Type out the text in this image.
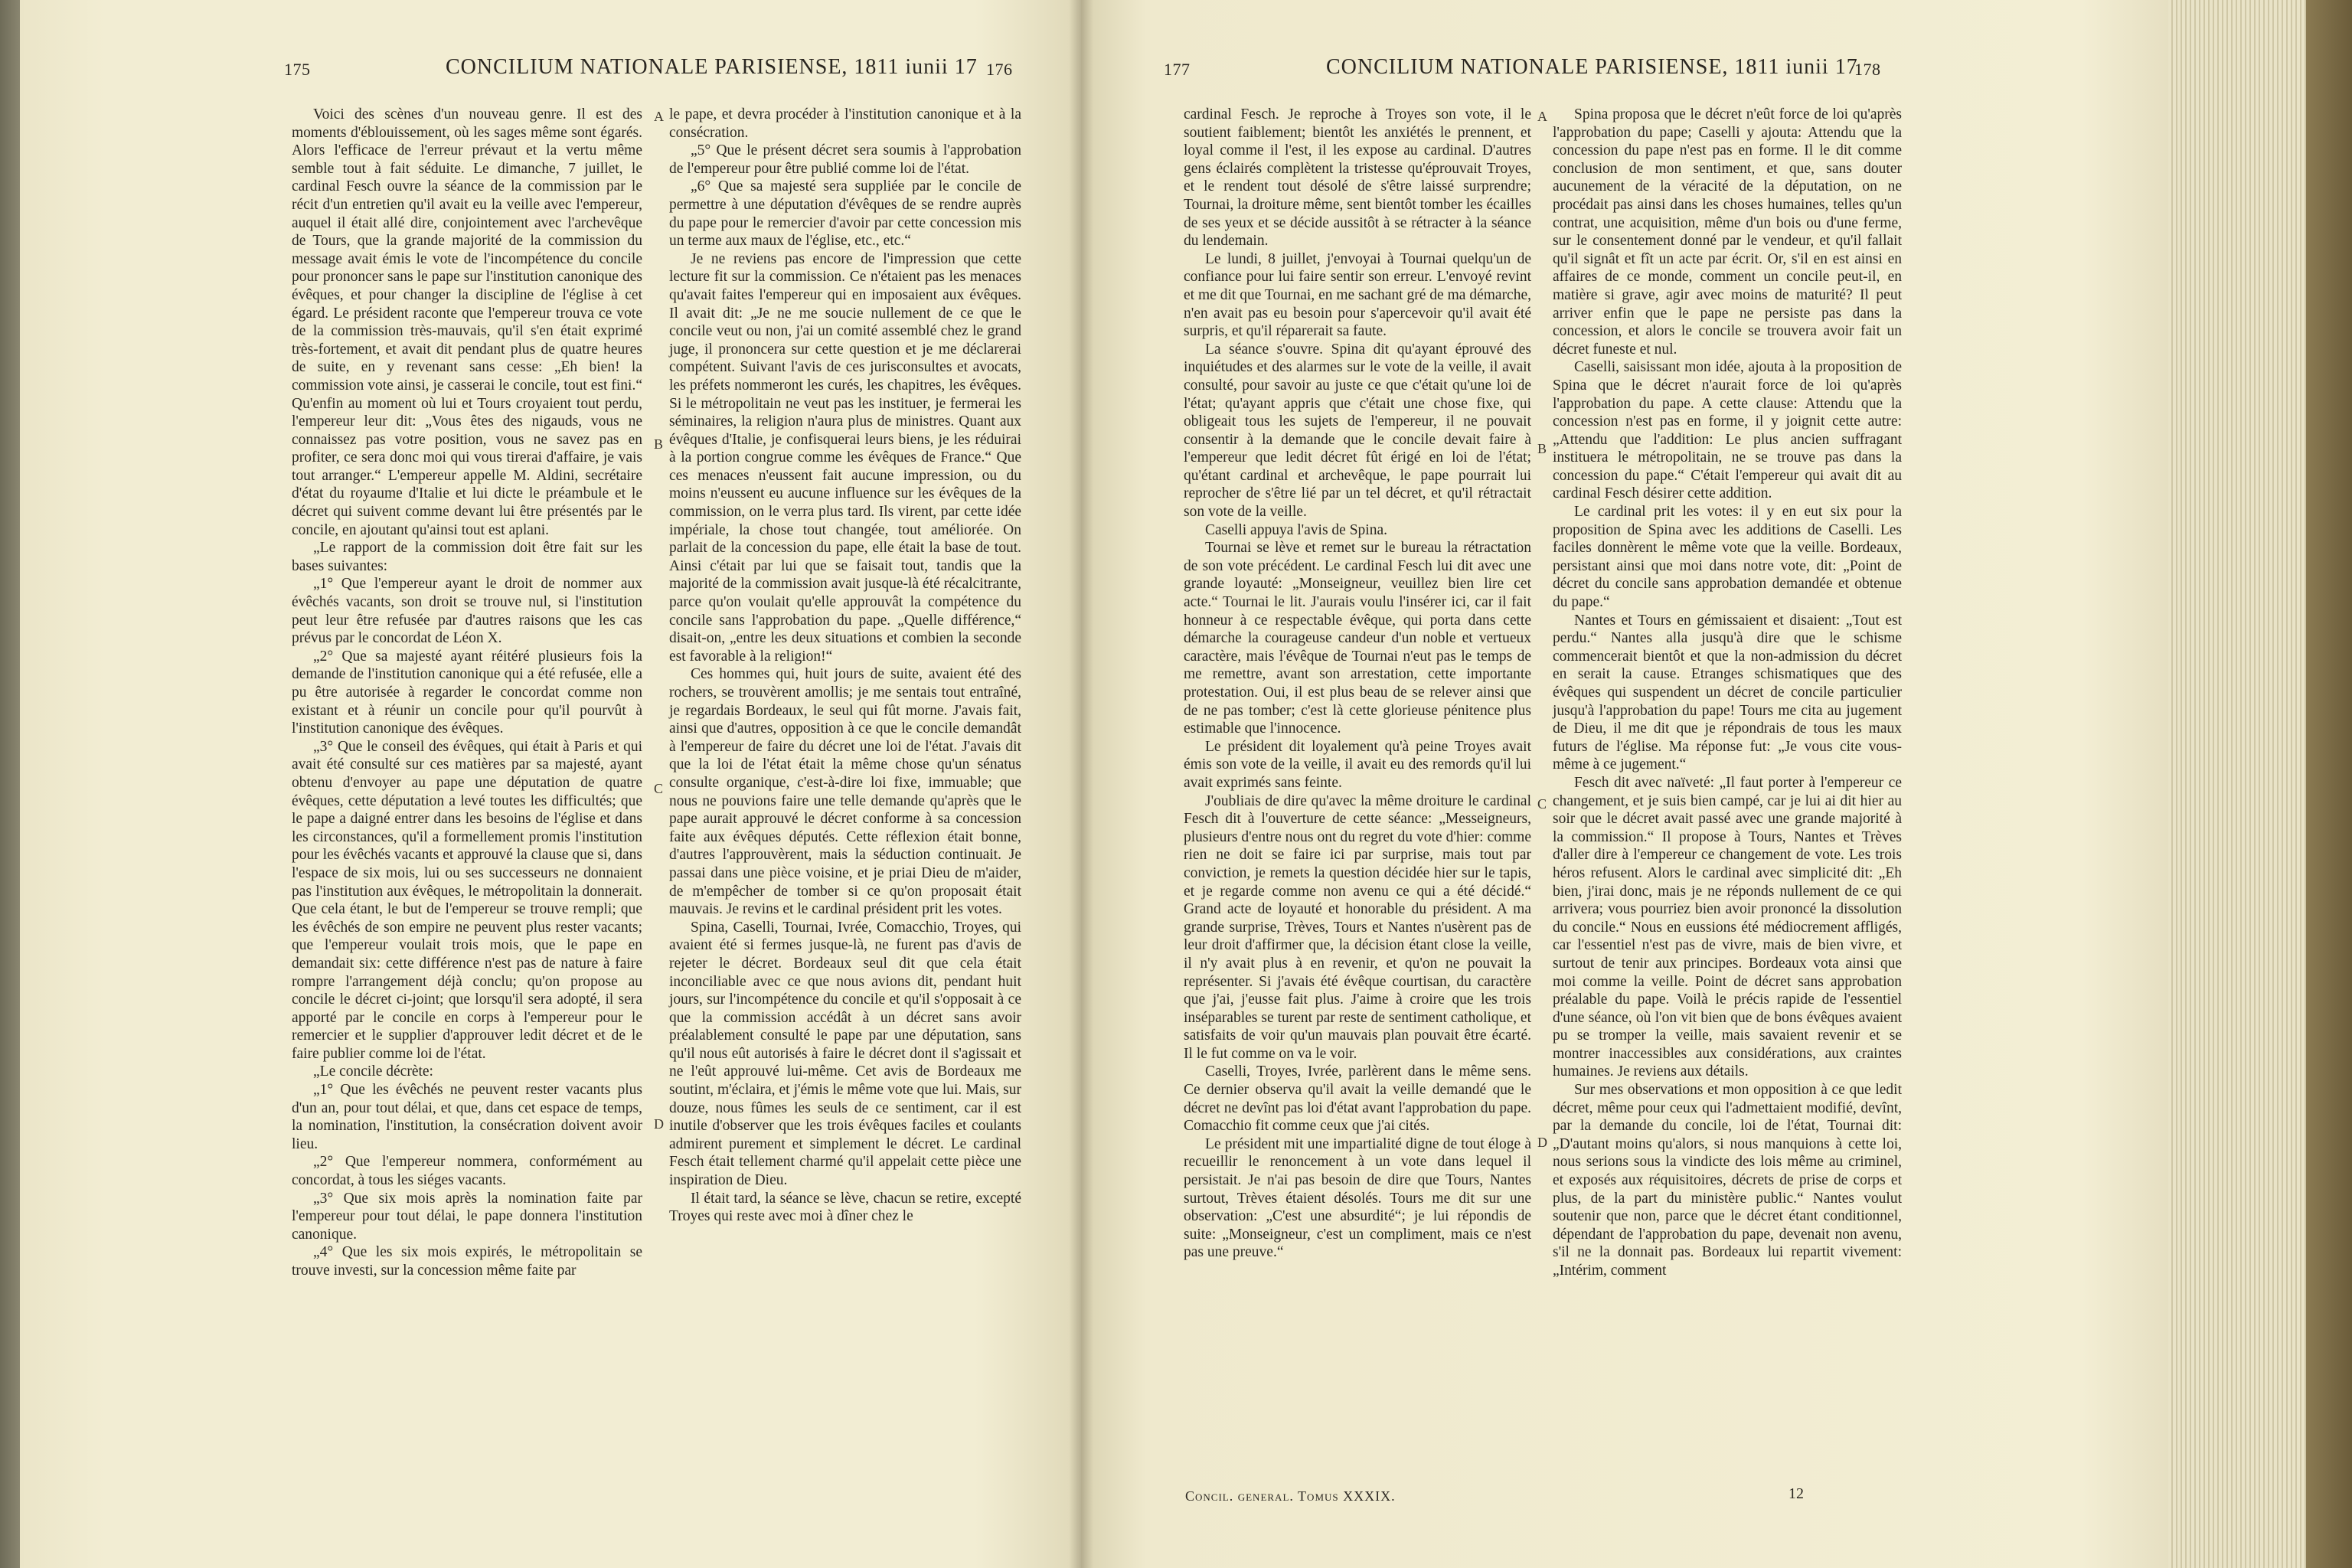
175	CONCILIUM NATIONALE PARISIENSE, 1811 iunii 17 176

Voici des scènes d'un nouveau genre. Il est des moments d'éblouissement, où les sages même sont égarés. Alors l'efficace de l'erreur prévaut et la vertu même semble tout à fait séduite. Le dimanche, 7 juillet, le cardinal Fesch ouvre la séance de la commission par le récit d'un entretien qu'il avait eu la veille avec l'empereur, auquel il était allé dire, conjointement avec l'archevêque de Tours, que la grande majorité de la commission du message avait émis le vote de l'incompétence du concile pour prononcer sans le pape sur l'institution canonique des évêques, et pour changer la discipline de l'église à cet égard. Le président raconte que l'empereur trouva ce vote de la commission très-mauvais, qu'il s'en était exprimé très-fortement, et avait dit pendant plus de quatre heures de suite, en y revenant sans cesse: „Eh bien! la commission vote ainsi, je casserai le concile, tout est fini.“ Qu'enfin au moment où lui et Tours croyaient tout perdu, l'empereur leur dit: „Vous êtes des nigauds, vous ne connaissez pas votre position, vous ne savez pas en profiter, ce sera donc moi qui vous tirerai d'affaire, je vais tout arranger.“ L'empereur appelle M. Aldini, secrétaire d'état du royaume d'Italie et lui dicte le préambule et le décret qui suivent comme devant lui être présentés par le concile, en ajoutant qu'ainsi tout est aplani.

„Le rapport de la commission doit être fait sur les bases suivantes:

„1° Que l'empereur ayant le droit de nommer aux évêchés vacants, son droit se trouve nul, si l'institution peut leur être refusée par d'autres raisons que les cas prévus par le concordat de Léon X.

„2° Que sa majesté ayant réitéré plusieurs fois la demande de l'institution canonique qui a été refusée, elle a pu être autorisée à regarder le concordat comme non existant et à réunir un concile pour qu'il pourvût à l'institution canonique des évêques.

„3° Que le conseil des évêques, qui était à Paris et qui avait été consulté sur ces matières par sa majesté, ayant obtenu d'envoyer au pape une députation de quatre évêques, cette députation a levé toutes les difficultés; que le pape a daigné entrer dans les besoins de l'église et dans les circonstances, qu'il a formellement promis l'institution pour les évêchés vacants et approuvé la clause que si, dans l'espace de six mois, lui ou ses successeurs ne donnaient pas l'institution aux évêques, le métropolitain la donnerait. Que cela étant, le but de l'empereur se trouve rempli; que les évêchés de son empire ne peuvent plus rester vacants; que l'empereur voulait trois mois, que le pape en demandait six: cette différence n'est pas de nature à faire rompre l'arrangement déjà conclu; qu'on propose au concile le décret ci-joint; que lorsqu'il sera adopté, il sera apporté par le concile en corps à l'empereur pour le remercier et le supplier d'approuver ledit décret et de le faire publier comme loi de l'état.

„Le concile décrète:

„1° Que les évêchés ne peuvent rester vacants plus d'un an, pour tout délai, et que, dans cet espace de temps, la nomination, l'institution, la consécration doivent avoir lieu.

„2° Que l'empereur nommera, conformément au concordat, à tous les siéges vacants.

„3° Que six mois après la nomination faite par l'empereur pour tout délai, le pape donnera l'institution canonique.

„4° Que les six mois expirés, le métropolitain se trouve investi, sur la concession même faite par

A
B
C
D

le pape, et devra procéder à l'institution canonique et à la consécration.

„5° Que le présent décret sera soumis à l'approbation de l'empereur pour être publié comme loi de l'état.

„6° Que sa majesté sera suppliée par le concile de permettre à une députation d'évêques de se rendre auprès du pape pour le remercier d'avoir par cette concession mis un terme aux maux de l'église, etc., etc.“

Je ne reviens pas encore de l'impression que cette lecture fit sur la commission. Ce n'étaient pas les menaces qu'avait faites l'empereur qui en imposaient aux évêques. Il avait dit: „Je ne me soucie nullement de ce que le concile veut ou non, j'ai un comité assemblé chez le grand juge, il prononcera sur cette question et je me déclarerai compétent. Suivant l'avis de ces jurisconsultes et avocats, les préfets nommeront les curés, les chapitres, les évêques. Si le métropolitain ne veut pas les instituer, je fermerai les séminaires, la religion n'aura plus de ministres. Quant aux évêques d'Italie, je confisquerai leurs biens, je les réduirai à la portion congrue comme les évêques de France.“ Que ces menaces n'eussent fait aucune impression, ou du moins n'eussent eu aucune influence sur les évêques de la commission, on le verra plus tard. Ils virent, par cette idée impériale, la chose tout changée, tout améliorée. On parlait de la concession du pape, elle était la base de tout. Ainsi c'était par lui que se faisait tout, tandis que la majorité de la commission avait jusque-là été récalcitrante, parce qu'on voulait qu'elle approuvât la compétence du concile sans l'approbation du pape. „Quelle différence,“ disait-on, „entre les deux situations et combien la seconde est favorable à la religion!“

Ces hommes qui, huit jours de suite, avaient été des rochers, se trouvèrent amollis; je me sentais tout entraîné, je regardais Bordeaux, le seul qui fût morne. J'avais fait, ainsi que d'autres, opposition à ce que le concile demandât à l'empereur de faire du décret une loi de l'état. J'avais dit que la loi de l'état était la même chose qu'un sénatus consulte organique, c'est-à-dire loi fixe, immuable; que nous ne pouvions faire une telle demande qu'après que le pape aurait approuvé le décret conforme à sa concession faite aux évêques députés. Cette réflexion était bonne, d'autres l'approuvèrent, mais la séduction continuait. Je passai dans une pièce voisine, et je priai Dieu de m'aider, de m'empêcher de tomber si ce qu'on proposait était mauvais. Je revins et le cardinal président prit les votes.

Spina, Caselli, Tournai, Ivrée, Comacchio, Troyes, qui avaient été si fermes jusque-là, ne furent pas d'avis de rejeter le décret. Bordeaux seul dit que cela était inconciliable avec ce que nous avions dit, pendant huit jours, sur l'incompétence du concile et qu'il s'opposait à ce que la commission accédât à un décret sans avoir préalablement consulté le pape par une députation, sans qu'il nous eût autorisés à faire le décret dont il s'agissait et ne l'eût approuvé lui-même. Cet avis de Bordeaux me soutint, m'éclaira, et j'émis le même vote que lui. Mais, sur douze, nous fûmes les seuls de ce sentiment, car il est inutile d'observer que les trois évêques faciles et coulants admirent purement et simplement le décret. Le cardinal Fesch était tellement charmé qu'il appelait cette pièce une inspiration de Dieu.

Il était tard, la séance se lève, chacun se retire, excepté Troyes qui reste avec moi à dîner chez le

177	CONCILIUM NATIONALE PARISIENSE, 1811 iunii 17
178

cardinal Fesch. Je reproche à Troyes son vote, il le soutient faiblement; bientôt les anxiétés le prennent, et loyal comme il l'est, il les expose au cardinal. D'autres gens éclairés complètent la tristesse qu'éprouvait Troyes, et le rendent tout désolé de s'être laissé surprendre; Tournai, la droiture même, sent bientôt tomber les écailles de ses yeux et se décide aussitôt à se rétracter à la séance du lendemain.

Le lundi, 8 juillet, j'envoyai à Tournai quelqu'un de confiance pour lui faire sentir son erreur. L'envoyé revint et me dit que Tournai, en me sachant gré de ma démarche, n'en avait pas eu besoin pour s'apercevoir qu'il avait été surpris, et qu'il réparerait sa faute.

La séance s'ouvre. Spina dit qu'ayant éprouvé des inquiétudes et des alarmes sur le vote de la veille, il avait consulté, pour savoir au juste ce que c'était qu'une loi de l'état; qu'ayant appris que c'était une chose fixe, qui obligeait tous les sujets de l'empereur, il ne pouvait consentir à la demande que le concile devait faire à l'empereur que ledit décret fût érigé en loi de l'état; qu'étant cardinal et archevêque, le pape pourrait lui reprocher de s'être lié par un tel décret, et qu'il rétractait son vote de la veille.

Caselli appuya l'avis de Spina.

Tournai se lève et remet sur le bureau la rétractation de son vote précédent. Le cardinal Fesch lui dit avec une grande loyauté: „Monseigneur, veuillez bien lire cet acte.“ Tournai le lit. J'aurais voulu l'insérer ici, car il fait honneur à ce respectable évêque, qui porta dans cette démarche la courageuse candeur d'un noble et vertueux caractère, mais l'évêque de Tournai n'eut pas le temps de me remettre, avant son arrestation, cette importante protestation. Oui, il est plus beau de se relever ainsi que de ne pas tomber; c'est là cette glorieuse pénitence plus estimable que l'innocence.

Le président dit loyalement qu'à peine Troyes avait émis son vote de la veille, il avait eu des remords qu'il lui avait exprimés sans feinte.

J'oubliais de dire qu'avec la même droiture le cardinal Fesch dit à l'ouverture de cette séance: „Messeigneurs, plusieurs d'entre nous ont du regret du vote d'hier: comme rien ne doit se faire ici par surprise, mais tout par conviction, je remets la question décidée hier sur le tapis, et je regarde comme non avenu ce qui a été décidé.“ Grand acte de loyauté et honorable du président. A ma grande surprise, Trèves, Tours et Nantes n'usèrent pas de leur droit d'affirmer que, la décision étant close la veille, il n'y avait plus à en revenir, et qu'on ne pouvait la représenter. Si j'avais été évêque courtisan, du caractère que j'ai, j'eusse fait plus. J'aime à croire que les trois inséparables se turent par reste de sentiment catholique, et satisfaits de voir qu'un mauvais plan pouvait être écarté. Il le fut comme on va le voir.

Caselli, Troyes, Ivrée, parlèrent dans le même sens. Ce dernier observa qu'il avait la veille demandé que le décret ne devînt pas loi d'état avant l'approbation du pape. Comacchio fit comme ceux que j'ai cités.

Le président mit une impartialité digne de tout éloge à recueillir le renoncement à un vote dans lequel il persistait. Je n'ai pas besoin de dire que Tours, Nantes surtout, Trèves étaient désolés. Tours me dit sur une observation: „C'est une absurdité“; je lui répondis de suite: „Monseigneur, c'est un compliment, mais ce n'est pas une preuve.“

A
B
C
D

Spina proposa que le décret n'eût force de loi qu'après l'approbation du pape; Caselli y ajouta: Attendu que la concession du pape n'est pas en forme. Il le dit comme conclusion de mon sentiment, et que, sans douter aucunement de la véracité de la députation, on ne procédait pas ainsi dans les choses humaines, telles qu'un contrat, une acquisition, même d'un bois ou d'une ferme, sur le consentement donné par le vendeur, et qu'il fallait qu'il signât et fît un acte par écrit. Or, s'il en est ainsi en affaires de ce monde, comment un concile peut-il, en matière si grave, agir avec moins de maturité? Il peut arriver enfin que le pape ne persiste pas dans la concession, et alors le concile se trouvera avoir fait un décret funeste et nul.

Caselli, saisissant mon idée, ajouta à la proposition de Spina que le décret n'aurait force de loi qu'après l'approbation du pape. A cette clause: Attendu que la concession n'est pas en forme, il y joignit cette autre: „Attendu que l'addition: Le plus ancien suffragant instituera le métropolitain, ne se trouve pas dans la concession du pape.“ C'était l'empereur qui avait dit au cardinal Fesch désirer cette addition.

Le cardinal prit les votes: il y en eut six pour la proposition de Spina avec les additions de Caselli. Les faciles donnèrent le même vote que la veille. Bordeaux, persistant ainsi que moi dans notre vote, dit: „Point de décret du concile sans approbation demandée et obtenue du pape.“

Nantes et Tours en gémissaient et disaient: „Tout est perdu.“ Nantes alla jusqu'à dire que le schisme commencerait bientôt et que la non-admission du décret en serait la cause. Etranges schismatiques que des évêques qui suspendent un décret de concile particulier jusqu'à l'approbation du pape! Tours me cita au jugement de Dieu, il me dit que je répondrais de tous les maux futurs de l'église. Ma réponse fut: „Je vous cite vous-même à ce jugement.“

Fesch dit avec naïveté: „Il faut porter à l'empereur ce changement, et je suis bien campé, car je lui ai dit hier au soir que le décret avait passé avec une grande majorité à la commission.“ Il propose à Tours, Nantes et Trèves d'aller dire à l'empereur ce changement de vote. Les trois héros refusent. Alors le cardinal avec simplicité dit: „Eh bien, j'irai donc, mais je ne réponds nullement de ce qui arrivera; vous pourriez bien avoir prononcé la dissolution du concile.“ Nous en eussions été médiocrement affligés, car l'essentiel n'est pas de vivre, mais de bien vivre, et surtout de tenir aux principes. Bordeaux vota ainsi que moi comme la veille. Point de décret sans approbation préalable du pape. Voilà le précis rapide de l'essentiel d'une séance, où l'on vit bien que de bons évêques avaient pu se tromper la veille, mais savaient revenir et se montrer inaccessibles aux considérations, aux craintes humaines. Je reviens aux détails.

Sur mes observations et mon opposition à ce que ledit décret, même pour ceux qui l'admettaient modifié, devînt, par la demande du concile, loi de l'état, Tournai dit: „D'autant moins qu'alors, si nous manquions à cette loi, nous serions sous la vindicte des lois même au criminel, et exposés aux réquisitoires, décrets de prise de corps et plus, de la part du ministère public.“ Nantes voulut soutenir que non, parce que le décret étant conditionnel, dépendant de l'approbation du pape, devenait non avenu, s'il ne la donnait pas. Bordeaux lui repartit vivement: „Intérim, comment

Concil. general. Tomus XXXIX.	12
